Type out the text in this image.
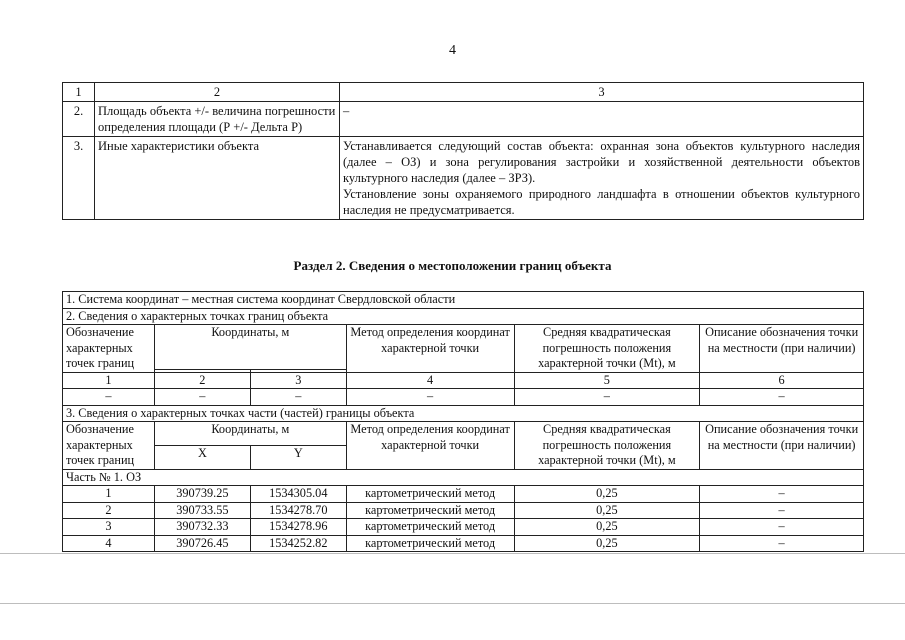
4
1	2	3
2.	Площадь объекта +/- величина погрешности определения площади (Р +/- Дельта Р)	–
3.	Иные характеристики объекта	Устанавливается следующий состав объекта: охранная зона объектов культурного наследия (далее – ОЗ) и зона регулирования застройки и хозяйственной деятельности объектов культурного наследия (далее – ЗРЗ).
Установление зоны охраняемого природного ландшафта в отношении объектов культурного наследия не предусматривается.
Раздел 2. Сведения о местоположении границ объекта
1. Система координат – местная система координат Свердловской области					
2. Сведения о характерных точках границ объекта					
Обозначение характерных точек границ	Координаты, м		Метод определения координат характерной точки	Средняя квадратическая погрешность положения характерной точки (Mt), м	Описание обозначения точки на местности (при наличии)

1	2	3	4	5	6
–	–	–	–	–	–
3. Сведения о характерных точках части (частей) границы объекта					
Обозначение характерных точек границ	Координаты, м		Метод определения координат характерной точки	Средняя квадратическая погрешность положения характерной точки (Mt), м	Описание обозначения точки на местности (при наличии)
	X	Y			
Часть № 1. ОЗ					
1	390739.25	1534305.04	картометрический метод	0,25	–
2	390733.55	1534278.70	картометрический метод	0,25	–
3	390732.33	1534278.96	картометрический метод	0,25	–
4	390726.45	1534252.82	картометрический метод	0,25	–
